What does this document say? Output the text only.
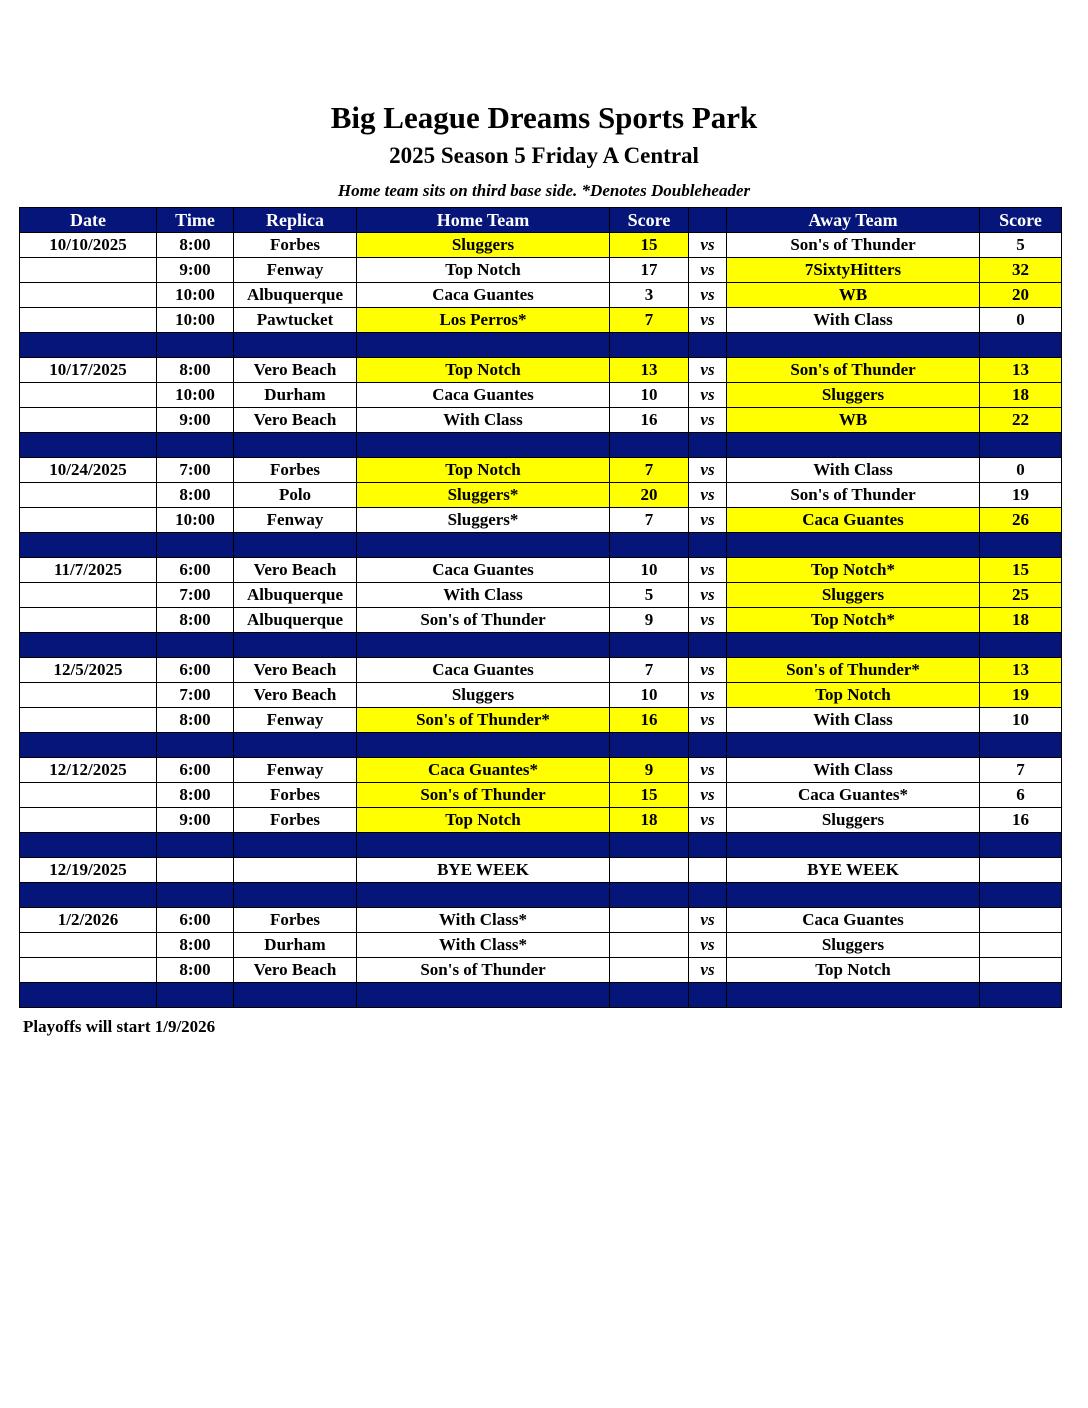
Big League Dreams Sports Park
2025 Season 5 Friday A Central
Home team sits on third base side. *Denotes Doubleheader
Date	Time	Replica	Home Team	Score		Away Team	Score
10/10/2025	8:00	Forbes	Sluggers	15	vs	Son's of Thunder	5
	9:00	Fenway	Top Notch	17	vs	7SixtyHitters	32
	10:00	Albuquerque	Caca Guantes	3	vs	WB	20
	10:00	Pawtucket	Los Perros*	7	vs	With Class	0

10/17/2025	8:00	Vero Beach	Top Notch	13	vs	Son's of Thunder	13
	10:00	Durham	Caca Guantes	10	vs	Sluggers	18
	9:00	Vero Beach	With Class	16	vs	WB	22

10/24/2025	7:00	Forbes	Top Notch	7	vs	With Class	0
	8:00	Polo	Sluggers*	20	vs	Son's of Thunder	19
	10:00	Fenway	Sluggers*	7	vs	Caca Guantes	26

11/7/2025	6:00	Vero Beach	Caca Guantes	10	vs	Top Notch*	15
	7:00	Albuquerque	With Class	5	vs	Sluggers	25
	8:00	Albuquerque	Son's of Thunder	9	vs	Top Notch*	18

12/5/2025	6:00	Vero Beach	Caca Guantes	7	vs	Son's of Thunder*	13
	7:00	Vero Beach	Sluggers	10	vs	Top Notch	19
	8:00	Fenway	Son's of Thunder*	16	vs	With Class	10

12/12/2025	6:00	Fenway	Caca Guantes*	9	vs	With Class	7
	8:00	Forbes	Son's of Thunder	15	vs	Caca Guantes*	6
	9:00	Forbes	Top Notch	18	vs	Sluggers	16

12/19/2025			BYE WEEK			BYE WEEK	

1/2/2026	6:00	Forbes	With Class*		vs	Caca Guantes	
	8:00	Durham	With Class*		vs	Sluggers	
	8:00	Vero Beach	Son's of Thunder		vs	Top Notch	

Playoffs will start 1/9/2026
